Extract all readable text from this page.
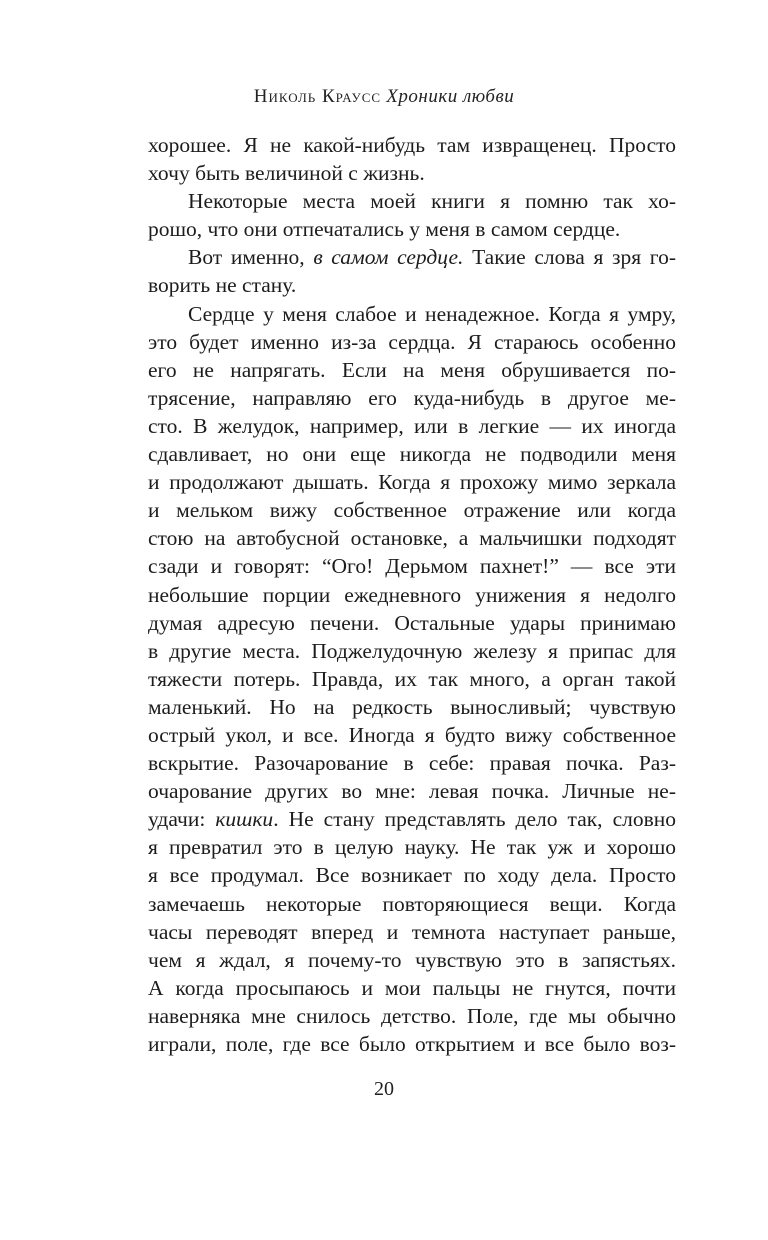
Николь Краусс Хроники любви
хорошее. Я не какой-нибудь там извращенец. Просто
хочу быть величиной с жизнь.
Некоторые места моей книги я помню так хо-
рошо, что они отпечатались у меня в самом сердце.
Вот именно, в самом сердце. Такие слова я зря го-
ворить не стану.
Сердце у меня слабое и ненадежное. Когда я умру,
это будет именно из-за сердца. Я стараюсь особенно
его не напрягать. Если на меня обрушивается по-
трясение, направляю его куда-нибудь в другое ме-
сто. В желудок, например, или в легкие — их иногда
сдавливает, но они еще никогда не подводили меня
и продолжают дышать. Когда я прохожу мимо зеркала
и мельком вижу собственное отражение или когда
стою на автобусной остановке, а мальчишки подходят
сзади и говорят: “Ого! Дерьмом пахнет!” — все эти
небольшие порции ежедневного унижения я недолго
думая адресую печени. Остальные удары принимаю
в другие места. Поджелудочную железу я припас для
тяжести потерь. Правда, их так много, а орган такой
маленький. Но на редкость выносливый; чувствую
острый укол, и все. Иногда я будто вижу собственное
вскрытие. Разочарование в себе: правая почка. Раз-
очарование других во мне: левая почка. Личные не-
удачи: кишки. Не стану представлять дело так, словно
я превратил это в целую науку. Не так уж и хорошо
я все продумал. Все возникает по ходу дела. Просто
замечаешь некоторые повторяющиеся вещи. Когда
часы переводят вперед и темнота наступает раньше,
чем я ждал, я почему-то чувствую это в запястьях.
А когда просыпаюсь и мои пальцы не гнутся, почти
наверняка мне снилось детство. Поле, где мы обычно
играли, поле, где все было открытием и все было воз-
20
